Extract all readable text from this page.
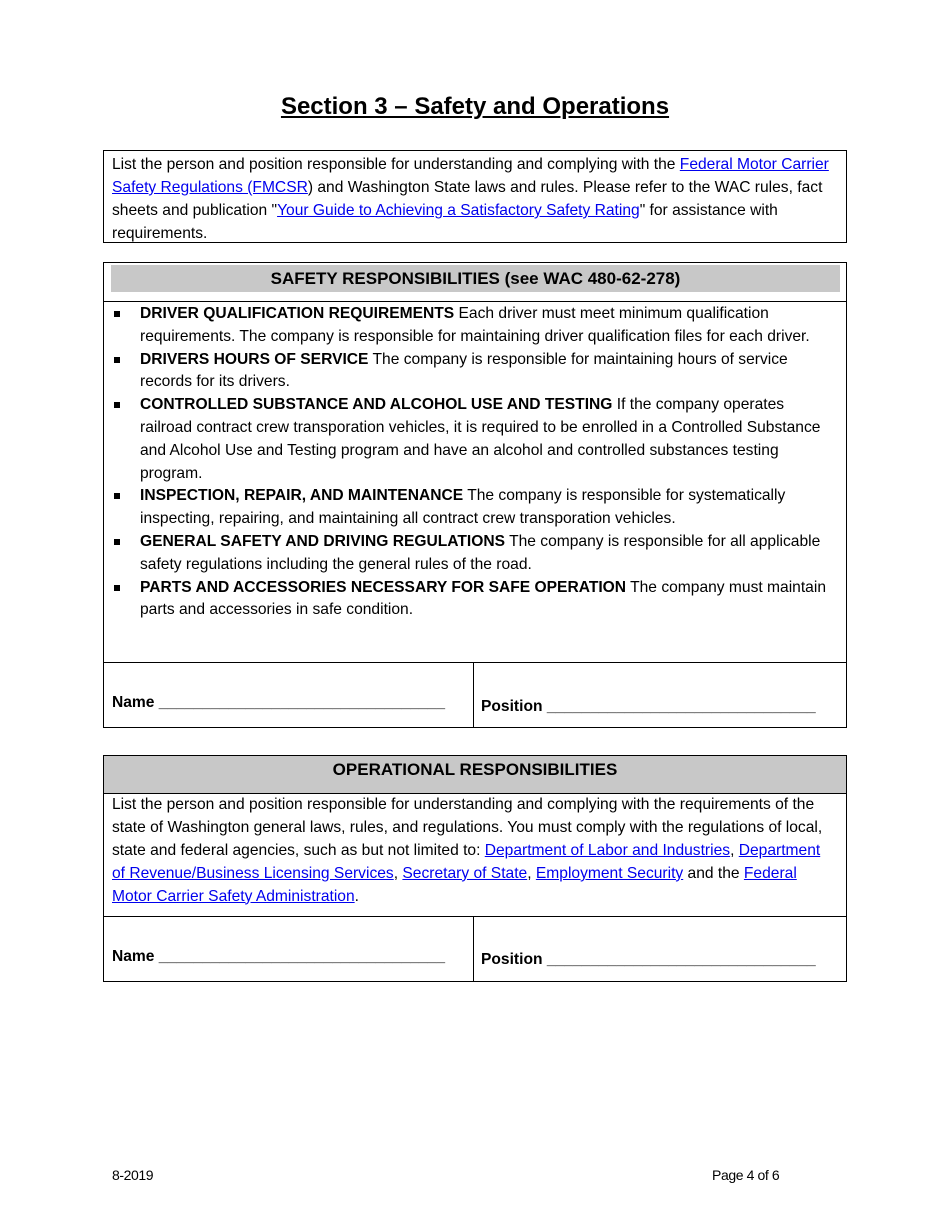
Section 3 – Safety and Operations
List the person and position responsible for understanding and complying with the Federal Motor Carrier Safety Regulations (FMCSR) and Washington State laws and rules. Please refer to the WAC rules, fact sheets and publication "Your Guide to Achieving a Satisfactory Safety Rating" for assistance with requirements.
SAFETY RESPONSIBILITIES (see WAC 480-62-278)
DRIVER QUALIFICATION REQUIREMENTS Each driver must meet minimum qualification requirements. The company is responsible for maintaining driver qualification files for each driver.
DRIVERS HOURS OF SERVICE The company is responsible for maintaining hours of service records for its drivers.
CONTROLLED SUBSTANCE AND ALCOHOL USE AND TESTING If the company operates railroad contract crew transporation vehicles, it is required to be enrolled in a Controlled Substance and Alcohol Use and Testing program and have an alcohol and controlled substances testing program.
INSPECTION, REPAIR, AND MAINTENANCE The company is responsible for systematically inspecting, repairing, and maintaining all contract crew transporation vehicles.
GENERAL SAFETY AND DRIVING REGULATIONS The company is responsible for all applicable safety regulations including the general rules of the road.
PARTS AND ACCESSORIES NECESSARY FOR SAFE OPERATION The company must maintain parts and accessories in safe condition.
Name _________________________________ Position _______________________________
OPERATIONAL RESPONSIBILITIES
List the person and position responsible for understanding and complying with the requirements of the state of Washington general laws, rules, and regulations. You must comply with the regulations of local, state and federal agencies, such as but not limited to: Department of Labor and Industries, Department of Revenue/Business Licensing Services, Secretary of State, Employment Security and the Federal Motor Carrier Safety Administration.
Name _________________________________ Position _______________________________
8-2019	Page 4 of 6
